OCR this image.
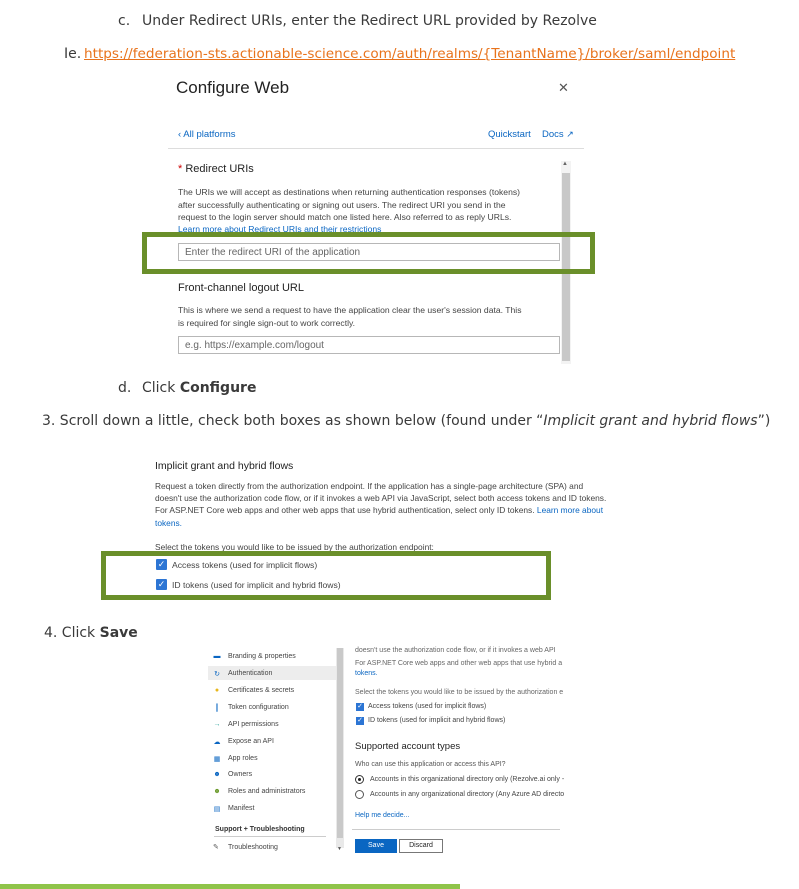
c. Under Redirect URIs, enter the Redirect URL provided by Rezolve
Ie. https://federation-sts.actionable-science.com/auth/realms/{TenantName}/broker/saml/endpoint
Configure Web	✕
‹ All platforms	Quickstart Docs ↗
▲
* Redirect URIs
The URIs we will accept as destinations when returning authentication responses (tokens)
after successfully authenticating or signing out users. The redirect URI you send in the
request to the login server should match one listed here. Also referred to as reply URLs.
Learn more about Redirect URIs and their restrictions
Enter the redirect URI of the application
Front-channel logout URL
This is where we send a request to have the application clear the user's session data. This
is required for single sign-out to work correctly.
e.g. https://example.com/logout
d. Click Configure
3. Scroll down a little, check both boxes as shown below (found under “Implicit grant and hybrid flows”)
Implicit grant and hybrid flows
Request a token directly from the authorization endpoint. If the application has a single-page architecture (SPA) and
doesn't use the authorization code flow, or if it invokes a web API via JavaScript, select both access tokens and ID tokens.
For ASP.NET Core web apps and other web apps that use hybrid authentication, select only ID tokens. Learn more about
tokens.
Select the tokens you would like to be issued by the authorization endpoint:
✓ Access tokens (used for implicit flows)
✓ ID tokens (used for implicit and hybrid flows)
4. Click Save
▼
▬ Branding & properties
↻ Authentication
● Certificates & secrets
┃ Token configuration
→ API permissions
☁ Expose an API
▦ App roles
☻ Owners
☻ Roles and administrators
▤ Manifest
Support + Troubleshooting
✎ Troubleshooting
doesn't use the authorization code flow, or if it invokes a web API
For ASP.NET Core web apps and other web apps that use hybrid a
tokens.
Select the tokens you would like to be issued by the authorization e
✓ Access tokens (used for implicit flows)
✓ ID tokens (used for implicit and hybrid flows)
Supported account types
Who can use this application or access this API?
Accounts in this organizational directory only (Rezolve.ai only -
Accounts in any organizational directory (Any Azure AD directo
Help me decide...
Save	Discard
